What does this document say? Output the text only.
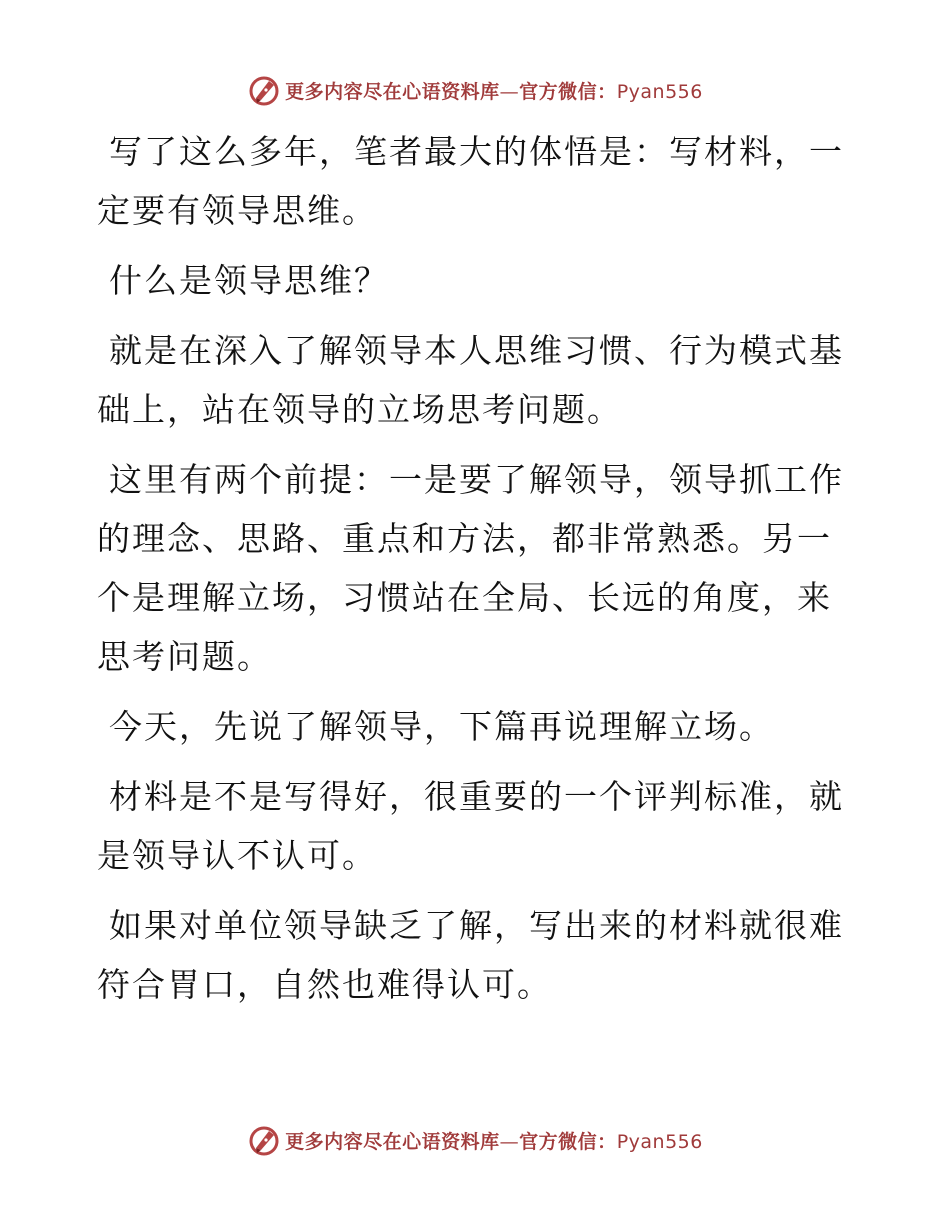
更多内容尽在心语资料库—官方微信：Pyan556

写了这么多年，笔者最大的体悟是：写材料，一定要有领导思维。

什么是领导思维？

就是在深入了解领导本人思维习惯、行为模式基础上，站在领导的立场思考问题。

这里有两个前提：一是要了解领导，领导抓工作的理念、思路、重点和方法，都非常熟悉。另一个是理解立场，习惯站在全局、长远的角度，来思考问题。

今天，先说了解领导，下篇再说理解立场。

材料是不是写得好，很重要的一个评判标准，就是领导认不认可。

如果对单位领导缺乏了解，写出来的材料就很难符合胃口，自然也难得认可。

更多内容尽在心语资料库—官方微信：Pyan556
